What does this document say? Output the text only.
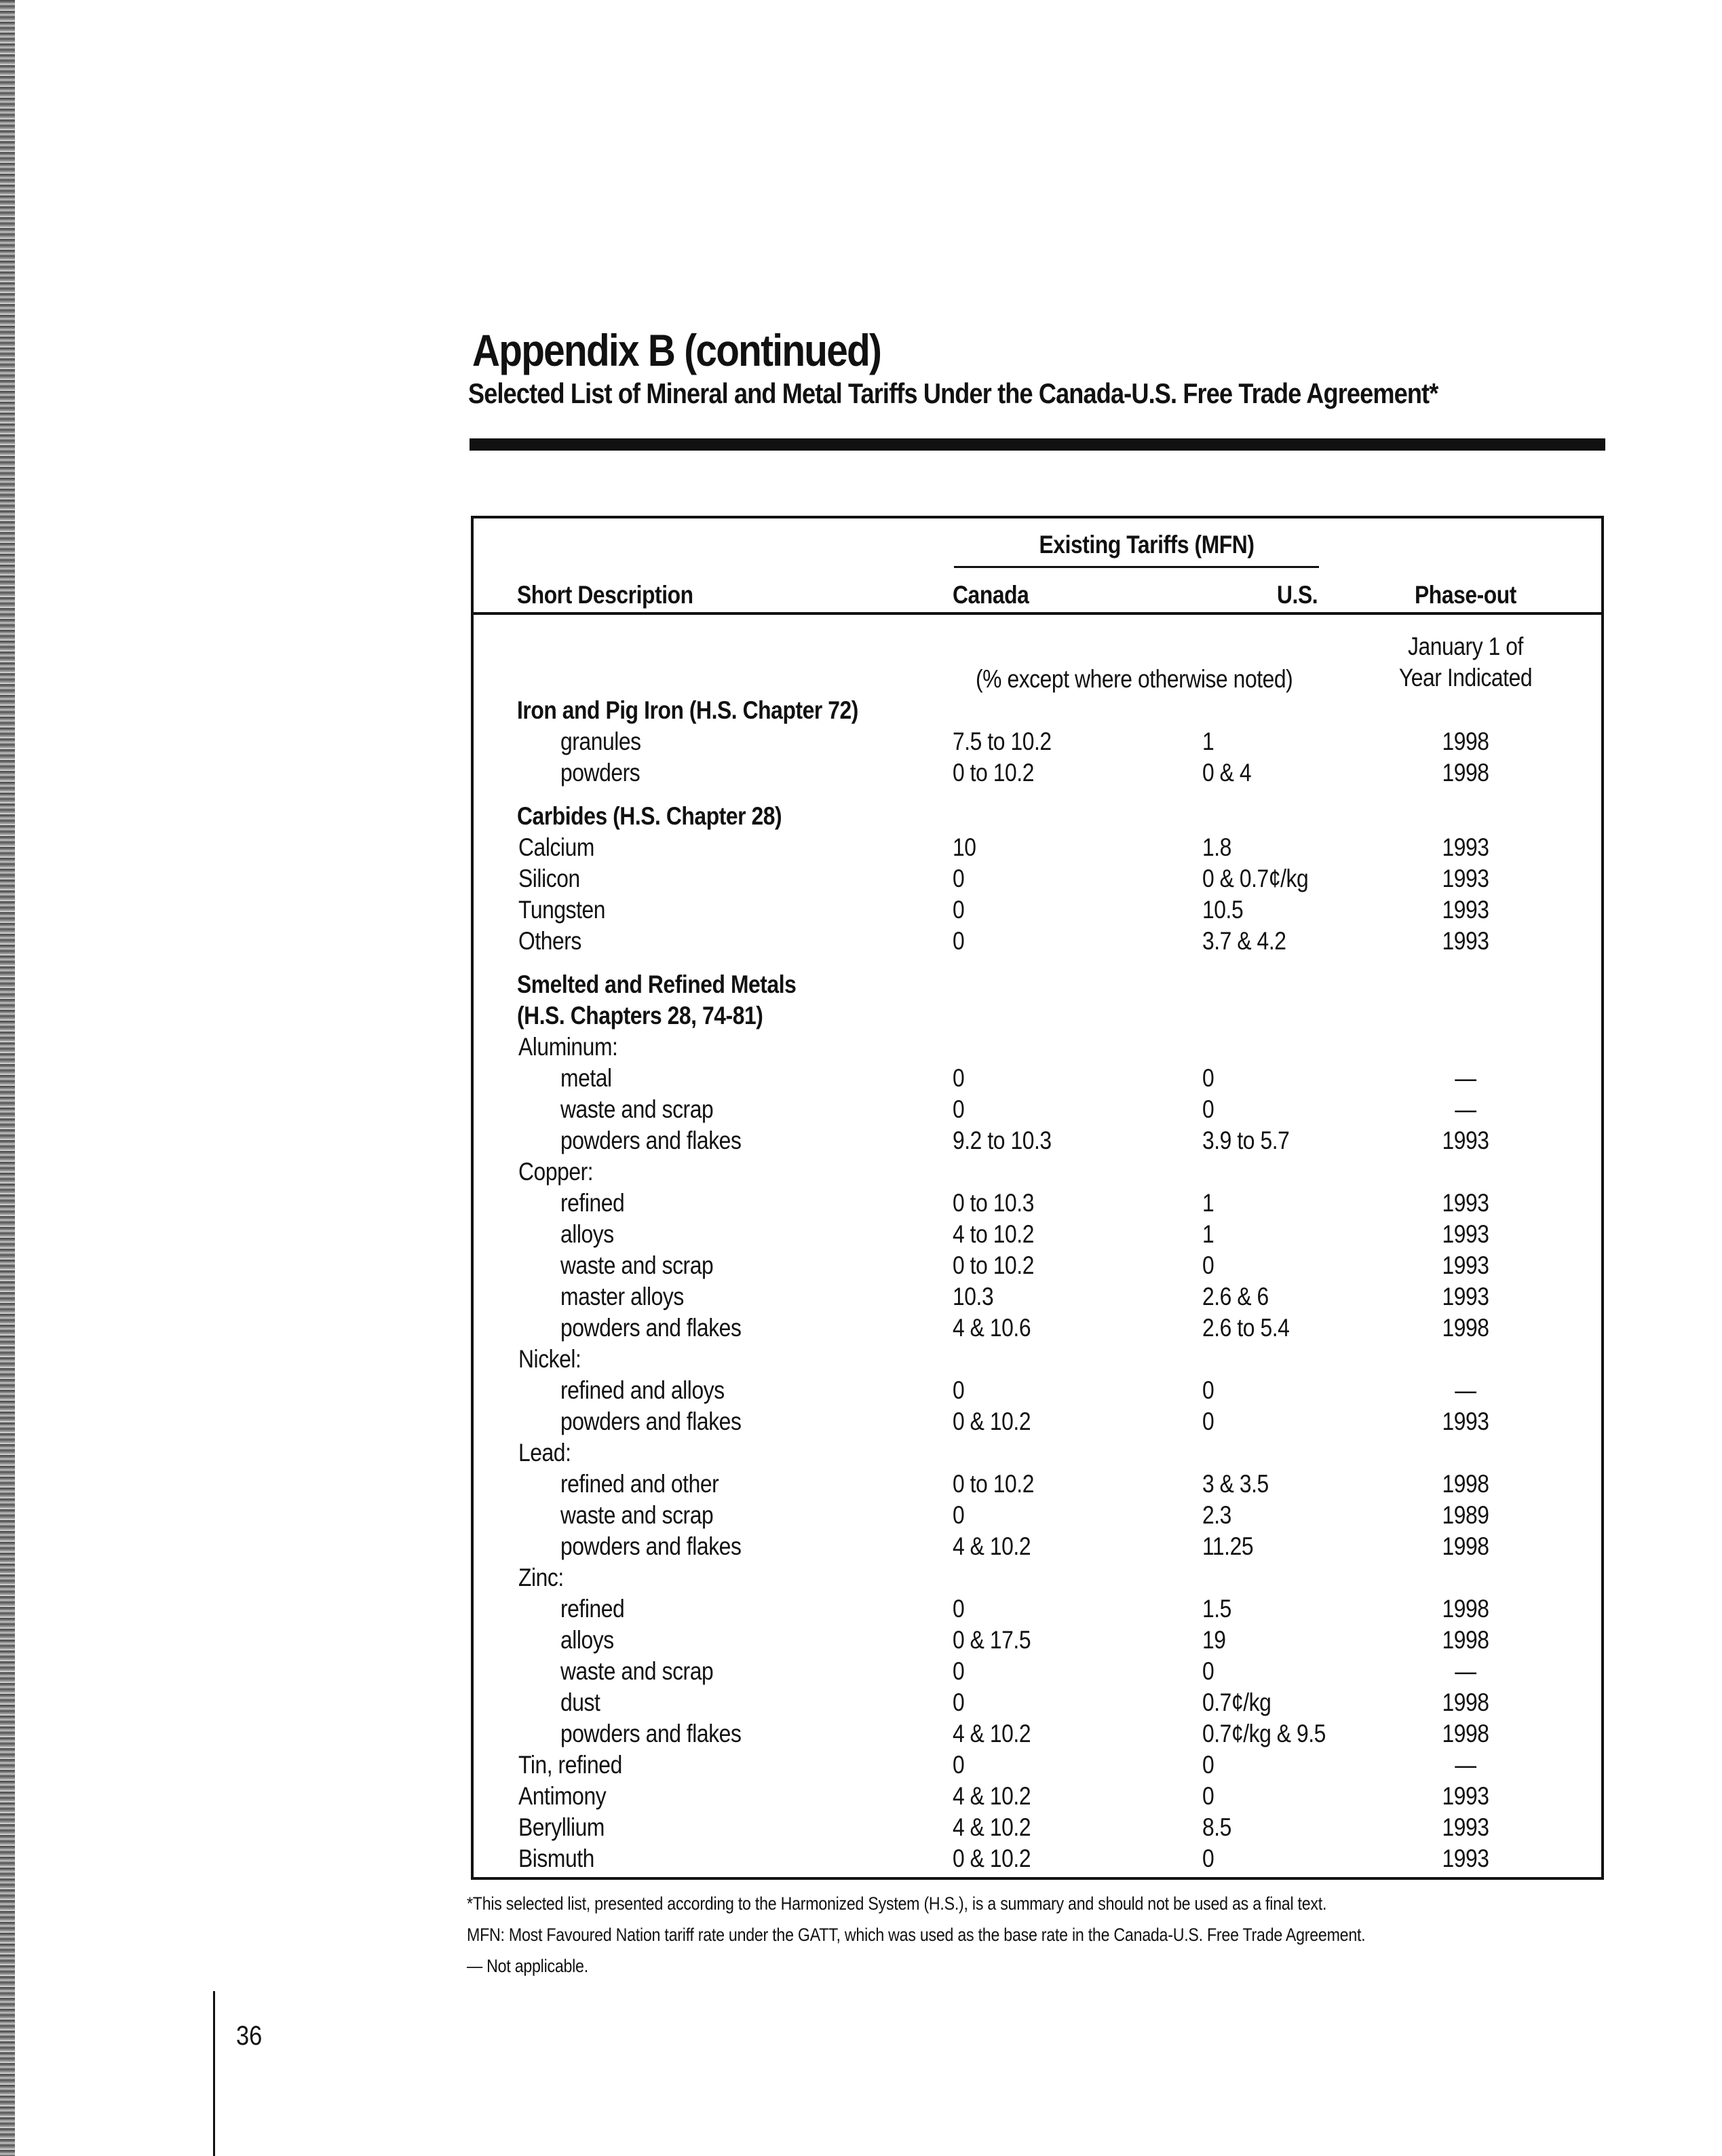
Appendix B (continued)
Selected List of Mineral and Metal Tariffs Under the Canada-U.S. Free Trade Agreement*
Existing Tariffs (MFN)
Short Description	Canada	U.S.	Phase-out
January 1 of
Year Indicated
(% except where otherwise noted)
Iron and Pig Iron (H.S. Chapter 72)
granules	7.5 to 10.2	1	1998
powders	0 to 10.2	0 & 4	1998
Carbides (H.S. Chapter 28)
Calcium	10	1.8	1993
Silicon	0	0 & 0.7¢/kg	1993
Tungsten	0	10.5	1993
Others	0	3.7 & 4.2	1993
Smelted and Refined Metals
(H.S. Chapters 28, 74-81)
Aluminum:
metal	0	0	—
waste and scrap	0	0	—
powders and flakes	9.2 to 10.3	3.9 to 5.7	1993
Copper:
refined	0 to 10.3	1	1993
alloys	4 to 10.2	1	1993
waste and scrap	0 to 10.2	0	1993
master alloys	10.3	2.6 & 6	1993
powders and flakes	4 & 10.6	2.6 to 5.4	1998
Nickel:
refined and alloys	0	0	—
powders and flakes	0 & 10.2	0	1993
Lead:
refined and other	0 to 10.2	3 & 3.5	1998
waste and scrap	0	2.3	1989
powders and flakes	4 & 10.2	11.25	1998
Zinc:
refined	0	1.5	1998
alloys	0 & 17.5	19	1998
waste and scrap	0	0	—
dust	0	0.7¢/kg	1998
powders and flakes	4 & 10.2	0.7¢/kg & 9.5	1998
Tin, refined	0	0	—
Antimony	4 & 10.2	0	1993
Beryllium	4 & 10.2	8.5	1993
Bismuth	0 & 10.2	0	1993
*This selected list, presented according to the Harmonized System (H.S.), is a summary and should not be used as a final text.
MFN: Most Favoured Nation tariff rate under the GATT, which was used as the base rate in the Canada-U.S. Free Trade Agreement.
— Not applicable.
36
